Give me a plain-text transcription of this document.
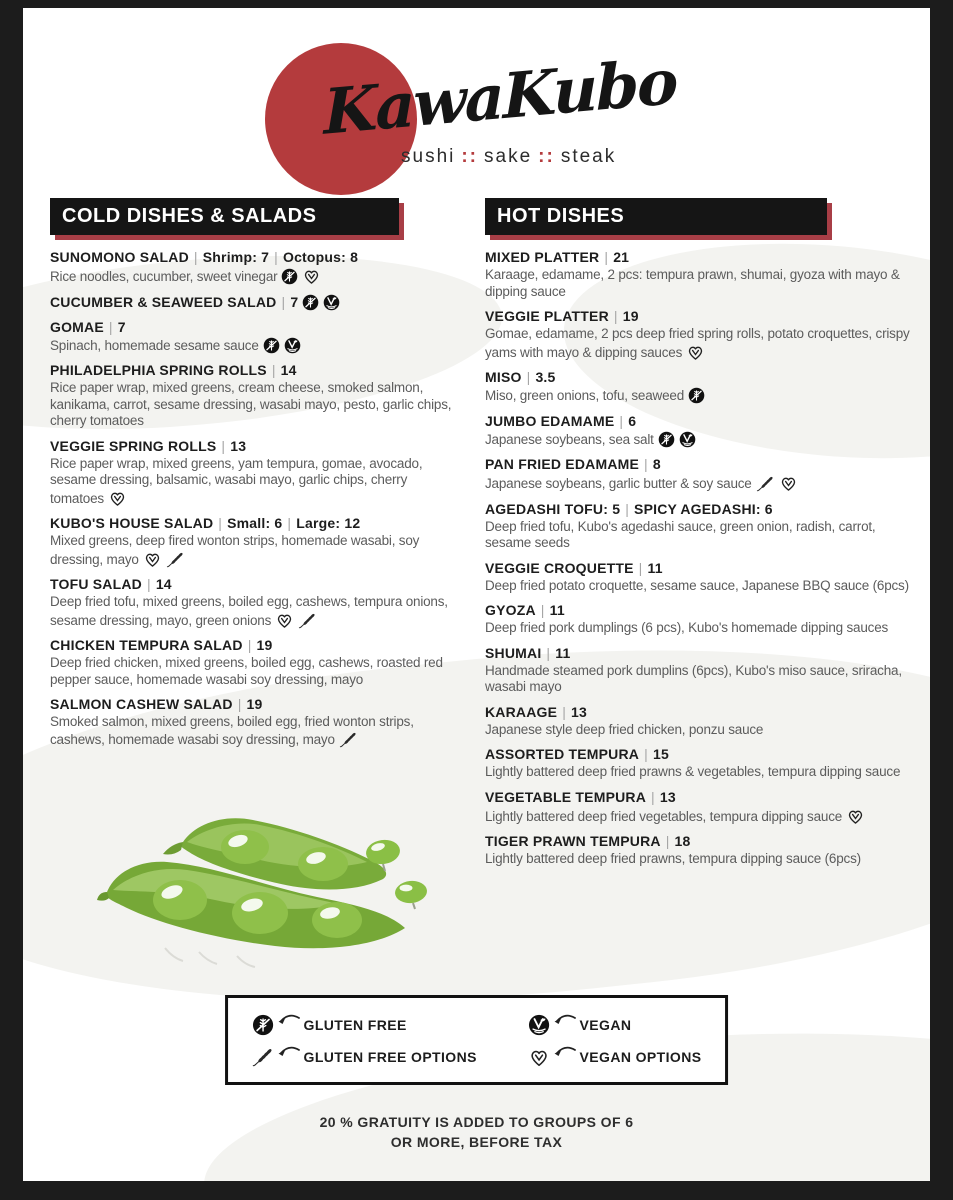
KawaKubo
sushi :: sake :: steak
COLD DISHES & SALADS
SUNOMONO SALAD | Shrimp: 7 | Octopus: 8

Rice noodles, cucumber, sweet vinegar

CUCUMBER & SEAWEED SALAD | 7
GOMAE | 7

Spinach, homemade sesame sauce

PHILADELPHIA SPRING ROLLS | 14

Rice paper wrap, mixed greens, cream cheese, smoked salmon, kanikama, carrot, sesame dressing, wasabi mayo, pesto, garlic chips, cherry tomatoes

VEGGIE SPRING ROLLS | 13

Rice paper wrap, mixed greens, yam tempura, gomae, avocado, sesame dressing, balsamic, wasabi mayo, garlic chips, cherry tomatoes

KUBO'S HOUSE SALAD | Small: 6 | Large: 12

Mixed greens, deep fired wonton strips, homemade wasabi, soy dressing, mayo

TOFU SALAD | 14

Deep fried tofu, mixed greens, boiled egg, cashews, tempura onions, sesame dressing, mayo, green onions

CHICKEN TEMPURA SALAD | 19

Deep fried chicken, mixed greens, boiled egg, cashews, roasted red pepper sauce, homemade wasabi soy dressing, mayo

SALMON CASHEW SALAD | 19

Smoked salmon, mixed greens, boiled egg, fried wonton strips, cashews, homemade wasabi soy dressing, mayo

HOT DISHES
MIXED PLATTER | 21

Karaage, edamame, 2 pcs: tempura prawn, shumai, gyoza with mayo & dipping sauce

VEGGIE PLATTER | 19

Gomae, edamame, 2 pcs deep fried spring rolls, potato croquettes, crispy yams with mayo & dipping sauces

MISO | 3.5

Miso, green onions, tofu, seaweed

JUMBO EDAMAME | 6

Japanese soybeans, sea salt

PAN FRIED EDAMAME | 8

Japanese soybeans, garlic butter & soy sauce

AGEDASHI TOFU: 5 | SPICY AGEDASHI: 6

Deep fried tofu, Kubo's agedashi sauce, green onion, radish, carrot, sesame seeds

VEGGIE CROQUETTE | 11

Deep fried potato croquette, sesame sauce, Japanese BBQ sauce (6pcs)

GYOZA | 11

Deep fried pork dumplings (6 pcs), Kubo's homemade dipping sauces

SHUMAI | 11

Handmade steamed pork dumplins (6pcs), Kubo's miso sauce, sriracha, wasabi mayo

KARAAGE | 13

Japanese style deep fried chicken, ponzu sauce

ASSORTED TEMPURA | 15

Lightly battered deep fried prawns & vegetables, tempura dipping sauce

VEGETABLE TEMPURA | 13

Lightly battered deep fried vegetables, tempura dipping sauce

TIGER PRAWN TEMPURA | 18

Lightly battered deep fried prawns, tempura dipping sauce (6pcs)

GLUTEN FREE	VEGAN
GLUTEN FREE OPTIONS	VEGAN OPTIONS
20 % GRATUITY IS ADDED TO GROUPS OF 6
OR MORE, BEFORE TAX
